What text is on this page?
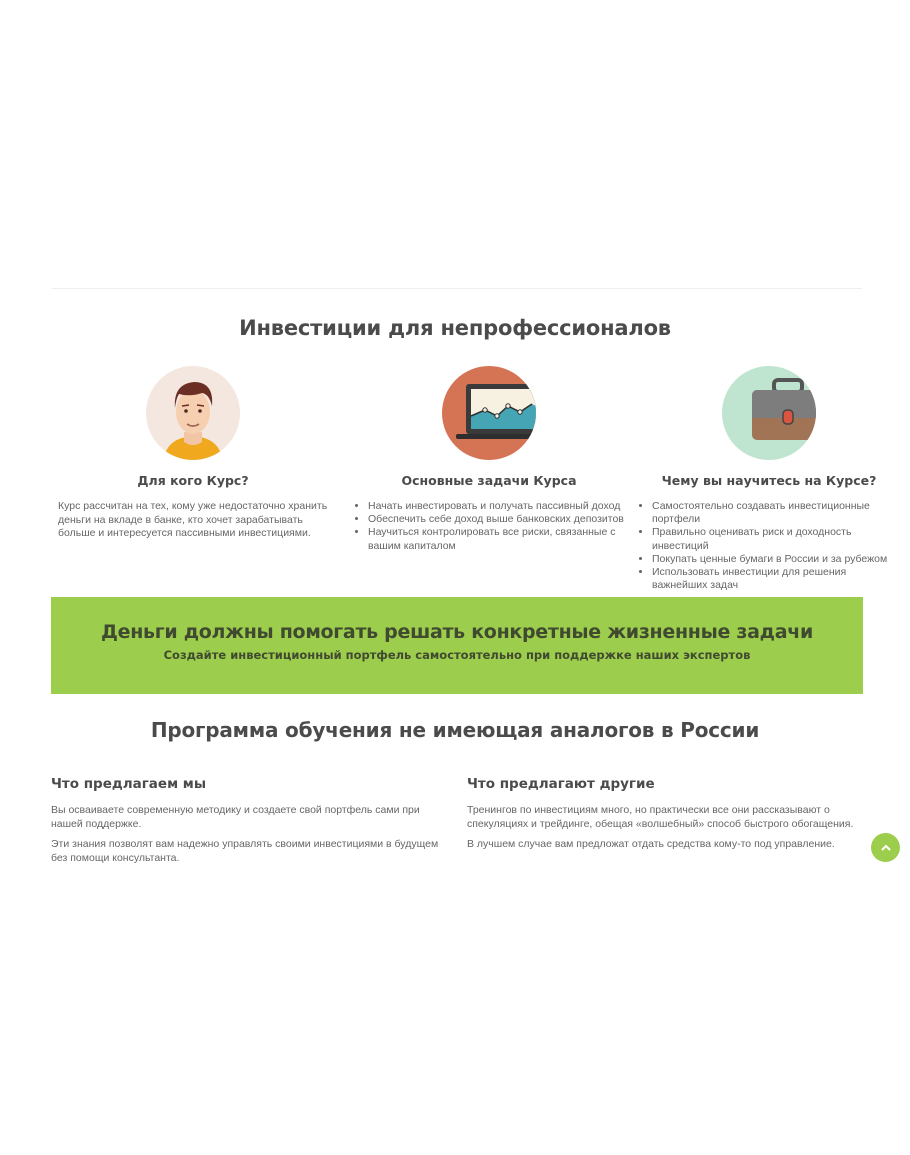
Инвестиции для непрофессионалов
Для кого Курс?

Курс рассчитан на тех, кому уже недостаточно хранить деньги на вкладе в банке, кто хочет зарабатывать больше и интересуется пассивными инвестициями.

Основные задачи Курса
• Начать инвестировать и получать пассивный доход
• Обеспечить себе доход выше банковских депозитов
• Научиться контролировать все риски, связанные с вашим капиталом
Чему вы научитесь на Курсе?
• Самостоятельно создавать инвестиционные портфели
• Правильно оценивать риск и доходность инвестиций
• Покупать ценные бумаги в России и за рубежом
• Использовать инвестиции для решения важнейших задач
Деньги должны помогать решать конкретные жизненные задачи

Создайте инвестиционный портфель самостоятельно при поддержке наших экспертов

Программа обучения не имеющая аналогов в России
Что предлагаем мы

Вы осваиваете современную методику и создаете свой портфель сами при нашей поддержке.

Эти знания позволят вам надежно управлять своими инвестициями в будущем без помощи консультанта.

Что предлагают другие

Тренингов по инвестициям много, но практически все они рассказывают о спекуляциях и трейдинге, обещая «волшебный» способ быстрого обогащения.

В лучшем случае вам предложат отдать средства кому-то под управление.
